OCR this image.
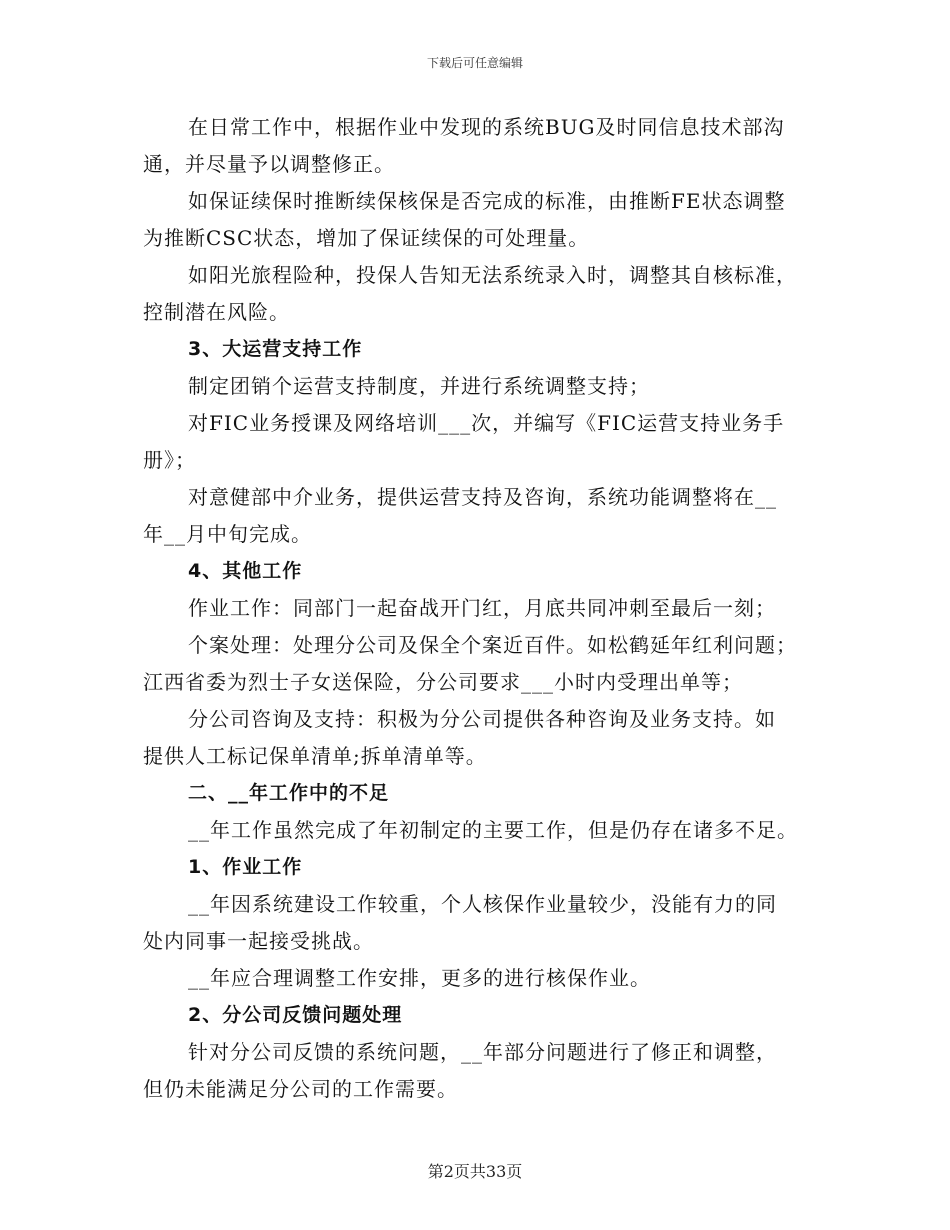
下载后可任意编辑
在日常工作中，根据作业中发现的系统BUG及时同信息技术部沟
通，并尽量予以调整修正。
如保证续保时推断续保核保是否完成的标准，由推断FE状态调整
为推断CSC状态，增加了保证续保的可处理量。
如阳光旅程险种，投保人告知无法系统录入时，调整其自核标准，
控制潜在风险。
3、大运营支持工作
制定团销个运营支持制度，并进行系统调整支持；
对FIC业务授课及网络培训___次，并编写《FIC运营支持业务手
册》；
对意健部中介业务，提供运营支持及咨询，系统功能调整将在__
年__月中旬完成。
4、其他工作
作业工作：同部门一起奋战开门红，月底共同冲刺至最后一刻；
个案处理：处理分公司及保全个案近百件。如松鹤延年红利问题；
江西省委为烈士子女送保险，分公司要求___小时内受理出单等；
分公司咨询及支持：积极为分公司提供各种咨询及业务支持。如
提供人工标记保单清单;拆单清单等。
二、__年工作中的不足
__年工作虽然完成了年初制定的主要工作，但是仍存在诸多不足。
1、作业工作
__年因系统建设工作较重，个人核保作业量较少，没能有力的同
处内同事一起接受挑战。
__年应合理调整工作安排，更多的进行核保作业。
2、分公司反馈问题处理
针对分公司反馈的系统问题，__年部分问题进行了修正和调整，
但仍未能满足分公司的工作需要。
第2页共33页
